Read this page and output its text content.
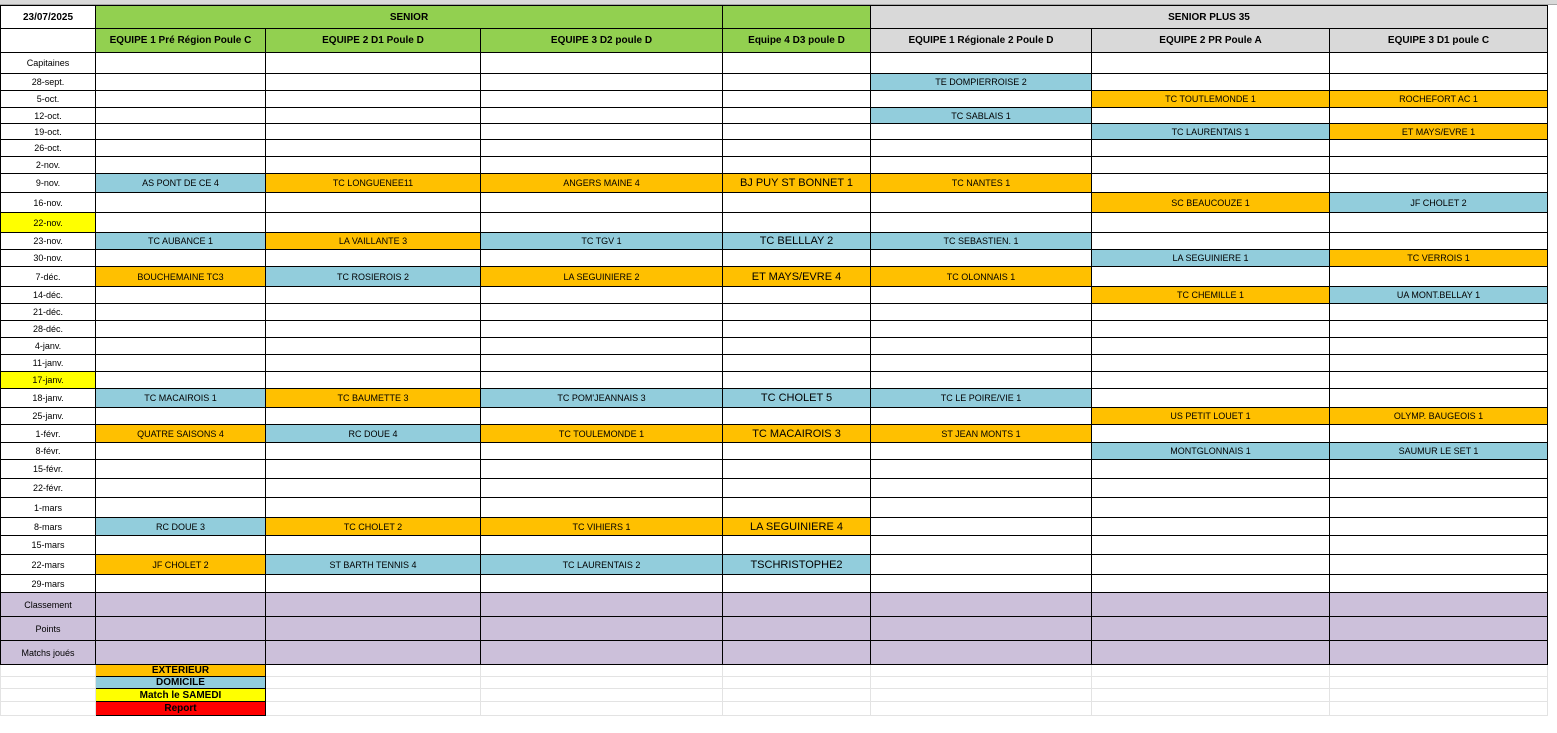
23/07/2025	SENIOR				SENIOR PLUS 35		
	EQUIPE 1 Pré Région Poule C	EQUIPE 2 D1 Poule D	EQUIPE 3 D2 poule D	Equipe 4 D3 poule D	EQUIPE 1 Régionale 2 Poule D	EQUIPE 2 PR Poule A	EQUIPE 3 D1 poule C
Capitaines							
28-sept.					TE DOMPIERROISE 2		
5-oct.						TC TOUTLEMONDE 1	ROCHEFORT AC 1
12-oct.					TC SABLAIS 1		
19-oct.						TC LAURENTAIS 1	ET MAYS/EVRE 1
26-oct.							
2-nov.							
9-nov.	AS PONT DE CE 4	TC LONGUENEE11	ANGERS MAINE 4	BJ PUY ST BONNET 1	TC NANTES 1		
16-nov.						SC BEAUCOUZE 1	JF CHOLET 2
22-nov.							
23-nov.	TC AUBANCE 1	LA VAILLANTE 3	TC TGV 1	TC BELLLAY 2	TC SEBASTIEN. 1		
30-nov.						LA SEGUINIERE 1	TC VERROIS 1
7-déc.	BOUCHEMAINE TC3	TC ROSIEROIS 2	LA SEGUINIERE 2	ET MAYS/EVRE 4	TC OLONNAIS 1		
14-déc.						TC CHEMILLE 1	UA MONT.BELLAY 1
21-déc.							
28-déc.							
4-janv.							
11-janv.							
17-janv.							
18-janv.	TC MACAIROIS 1	TC BAUMETTE 3	TC POM'JEANNAIS 3	TC CHOLET 5	TC LE POIRE/VIE 1		
25-janv.						US PETIT LOUET 1	OLYMP. BAUGEOIS 1
1-févr.	QUATRE SAISONS 4	RC DOUE 4	TC TOULEMONDE 1	TC MACAIROIS 3	ST JEAN MONTS 1		
8-févr.						MONTGLONNAIS 1	SAUMUR LE SET 1
15-févr.							
22-févr.							
1-mars							
8-mars	RC DOUE 3	TC CHOLET 2	TC VIHIERS 1	LA SEGUINIERE 4			
15-mars							
22-mars	JF CHOLET 2	ST BARTH TENNIS 4	TC LAURENTAIS 2	TSCHRISTOPHE2			
29-mars							
Classement							
Points							
Matchs joués							
	EXTERIEUR						
	DOMICILE						
	Match le SAMEDI						
	Report						
